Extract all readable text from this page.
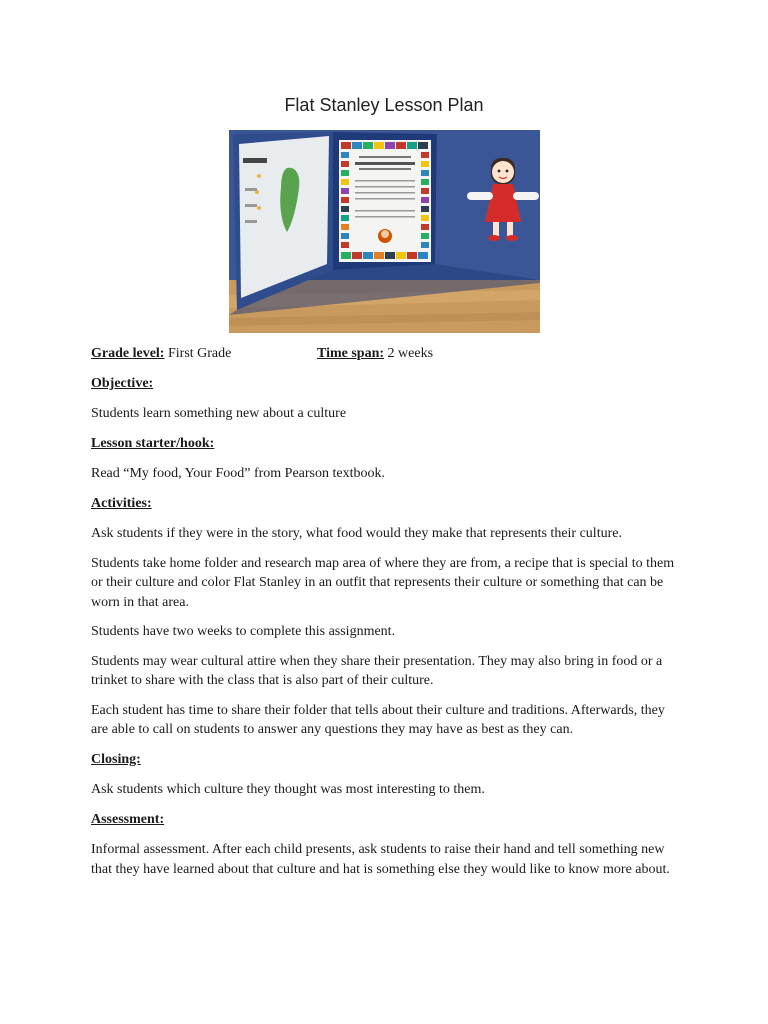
Flat Stanley Lesson Plan
Grade level: First Grade	Time span: 2 weeks

Objective:

Students learn something new about a culture

Lesson starter/hook:

Read “My food, Your Food” from Pearson textbook.

Activities:

Ask students if they were in the story, what food would they make that represents their culture.

Students take home folder and research map area of where they are from, a recipe that is special to them or their culture and color Flat Stanley in an outfit that represents their culture or something that can be worn in that area.

Students have two weeks to complete this assignment.

Students may wear cultural attire when they share their presentation. They may also bring in food or a trinket to share with the class that is also part of their culture.

Each student has time to share their folder that tells about their culture and traditions. Afterwards, they are able to call on students to answer any questions they may have as best as they can.

Closing:

Ask students which culture they thought was most interesting to them.

Assessment:

Informal assessment. After each child presents, ask students to raise their hand and tell something new that they have learned about that culture and hat is something else they would like to know more about.
